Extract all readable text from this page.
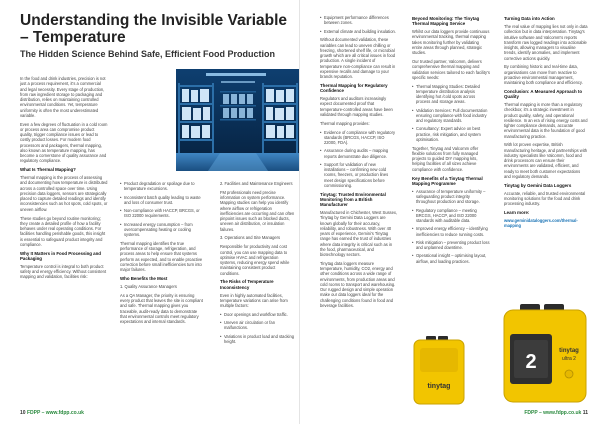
Understanding the Invisible Variable – Temperature
The Hidden Science Behind Safe, Efficient Food Production

In the food and drink industries, precision is not just a process requirement, it's a commercial and legal necessity. Every stage of production, from raw ingredient storage to packaging and distribution, relies on maintaining controlled environmental conditions. Yet, temperature uniformity is often the most underestimated variable.

Even a few degrees of fluctuation in a cold room or process area can compromise product quality, trigger compliance issues or lead to costly product losses. For modern food processors and packagers, thermal mapping, also known as temperature mapping, has become a cornerstone of quality assurance and regulatory compliance.

What Is Thermal Mapping?

Thermal mapping is the process of assessing and documenting how temperature is distributed across a controlled space over time. Using precision data loggers, sensors are strategically placed to capture detailed readings and identify inconsistencies such as hot spots, cold spots, or uneven airflow.

These studies go beyond routine monitoring; they create a detailed profile of how a facility behaves under real operating conditions. For facilities handling perishable goods, this insight is essential to safeguard product integrity and compliance.

Why It Matters in Food Processing and Packaging

Temperature control is integral to both product safety and energy efficiency. Without consistent mapping and validation, facilities risk:

• Product degradation or spoilage due to temperature excursions.
• Inconsistent batch quality leading to waste and loss of consumer trust.
• Non-compliance with HACCP, BRCGS, or ISO 22000 requirements.
• Increased energy consumption – from overcompensating heating or cooling systems.

Thermal mapping identifies the true performance of storage, refrigeration, and process areas to help ensure that systems perform as expected, and to enable proactive correction before small inefficiencies turn into major failures.

Who Benefits the Most

1. Quality Assurance Managers

As a QA Manager, the priority is ensuring every product that leaves the site is compliant and safe. Thermal mapping gives you traceable, audit-ready data to demonstrate that environmental controls meet regulatory expectations and internal standards.

2. Facilities and Maintenance Engineers

FM professionals need precise information on system performance. Mapping studies can help you identify where airflow or refrigeration inefficiencies are occurring and can often pinpoint issues such as blocked ducts, uneven air distribution, or insulation failures.

3. Operations and Site Managers

Responsible for productivity and cost control, you can use mapping data to optimise HVAC and refrigeration systems, reducing energy spend while maintaining consistent product conditions.

The Risks of Temperature Inconsistency

Even in highly automated facilities, temperature variations can arise from multiple factors:

• Door openings and workflow traffic.
• Uneven air circulation or fan malfunctions.
• Variations in product load and stacking height.
10 FDPP – www.fdpp.co.uk
• Equipment performance differences between zones.
• External climate and building insulation.

Without documented validation, these variables can lead to uneven chilling or freezing, shortened shelf life, or microbial growth which are all critical issues in food production. A single incident of temperature non-compliance can result in expensive recalls and damage to your brands reputation.

Thermal Mapping for Regulatory Confidence

Regulators and auditors increasingly expect documented proof that temperature-controlled areas have been validated through mapping studies.

Thermal mapping provides:

• Evidence of compliance with regulatory standards (BRCGS, HACCP, ISO 22000, FDA).
• Assurance during audits – mapping reports demonstrate due diligence.
• Support for validation of new installations – confirming new cold rooms, freezers, or production lines meet design specifications before commissioning.
Tinytag: Trusted Environmental Monitoring from a British Manufacturer

Manufactured in Chichester, West Sussex, Tinytag by Gemini Data Loggers are known globally for their accuracy, reliability, and robustness. With over 40 years of experience, Gemini's Tinytag range has earned the trust of industries where data integrity is critical such as in the food, pharmaceutical, and biotechnology sectors.

Tinytag data loggers measure temperature, humidity, CO2, energy and other conditions across a wide range of environments, from production areas and cold rooms to transport and warehousing. Our rugged design and simple operation make our data loggers ideal for the challenging conditions found in food and beverage facilities.

Beyond Monitoring: The Tinytag Thermal Mapping Service

Whilst our data loggers provide continuous environmental tracking, thermal mapping takes monitoring further by validating entire areas through planned, strategic studies.

Our trusted partner, Valcomm, delivers comprehensive thermal mapping and validation services tailored to each facility's specific needs:

• Thermal Mapping Studies: Detailed temperature distribution analysis identifying hot /cold spots across process and storage areas.
• Validation Services: Full documentation ensuring compliance with food industry and regulatory standards.
• Consultancy: Expert advice on best practice, risk mitigation, and system optimisation.

Together, Tinytag and Valcomm offer flexible solutions from fully managed projects to guided DIY mapping kits, helping facilities of all sizes achieve compliance with confidence.

Key Benefits of a Tinytag Thermal Mapping Programme
• Assurance of temperature uniformity – safeguarding product integrity throughout production and storage.
• Regulatory compliance – meeting BRCGS, HACCP, and ISO 22000 standards with auditable data.
• Improved energy efficiency – identifying inefficiencies to reduce running costs.
• Risk mitigation – preventing product loss and unplanned downtime.
• Operational insight – optimising layout, airflow, and loading practices.
Turning Data into Action

The real value of mapping lies not only in data collection but in data interpretation. Tinytag's intuitive software and Valcomm's reports transform raw logged readings into actionable insights, allowing managers to visualise trends, identify anomalies, and implement corrective actions quickly.

By combining historic and real-time data, organisations can move from reactive to proactive environmental management, maintaining both compliance and efficiency.

Conclusion: A Measured Approach to Quality

Thermal mapping is more than a regulatory checkbox; it's a strategic investment in product quality, safety, and operational resilience. In an era of rising energy costs and tighter compliance demands, accurate environmental data is the foundation of good manufacturing practice.

With lot proven expertise, British manufacturing heritage, and partnerships with industry specialists like Valcomm, food and drink processors can ensure their environments are validated, efficient, and ready to meet both customer expectations and regulatory demands.

Tinytag by Gemini Data Loggers

Accurate, reliable, and trusted environmental monitoring solutions for the food and drink processing industry.

Learn more:
www.geminidataloggers.com/thermal-mapping
tinytag
2	tinytag
ultra 2
FDPP – www.fdpp.co.uk 11
